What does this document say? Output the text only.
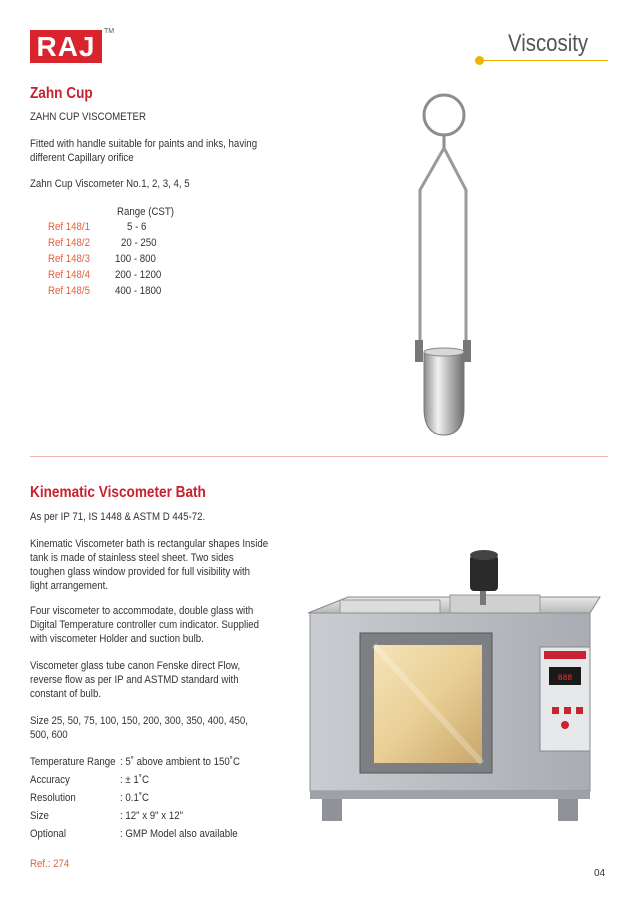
RAJ	TM	Viscosity
Zahn Cup
ZAHN CUP VISCOMETER
Fitted with handle suitable for paints and inks, having
different Capillary orifice
Zahn Cup Viscometer No.1, 2, 3, 4, 5
Range (CST)
Ref 148/1	5 - 6
Ref 148/2	20 - 250
Ref 148/3 100 - 800
Ref 148/4 200 - 1200
Ref 148/5 400 - 1800
Kinematic Viscometer Bath
As per IP 71, IS 1448 & ASTM D 445-72.
Kinematic Viscometer bath is rectangular shapes Inside
tank is made of stainless steel sheet. Two sides
toughen glass window provided for full visibility with
light arrangement.
Four viscometer to accommodate, double glass with
Digital Temperature controller cum indicator. Supplied
with viscometer Holder and suction bulb.
Viscometer glass tube canon Fenske direct Flow,
reverse flow as per IP and ASTMD standard with
constant of bulb.
Size 25, 50, 75, 100, 150, 200, 300, 350, 400, 450,
500, 600
Temperature Range : 5˚ above ambient to 150˚C
Accuracy	: ± 1˚C
Resolution	: 0.1˚C
Size	: 12" x 9" x 12"
Optional	: GMP Model also available
Ref.: 274
888
04
